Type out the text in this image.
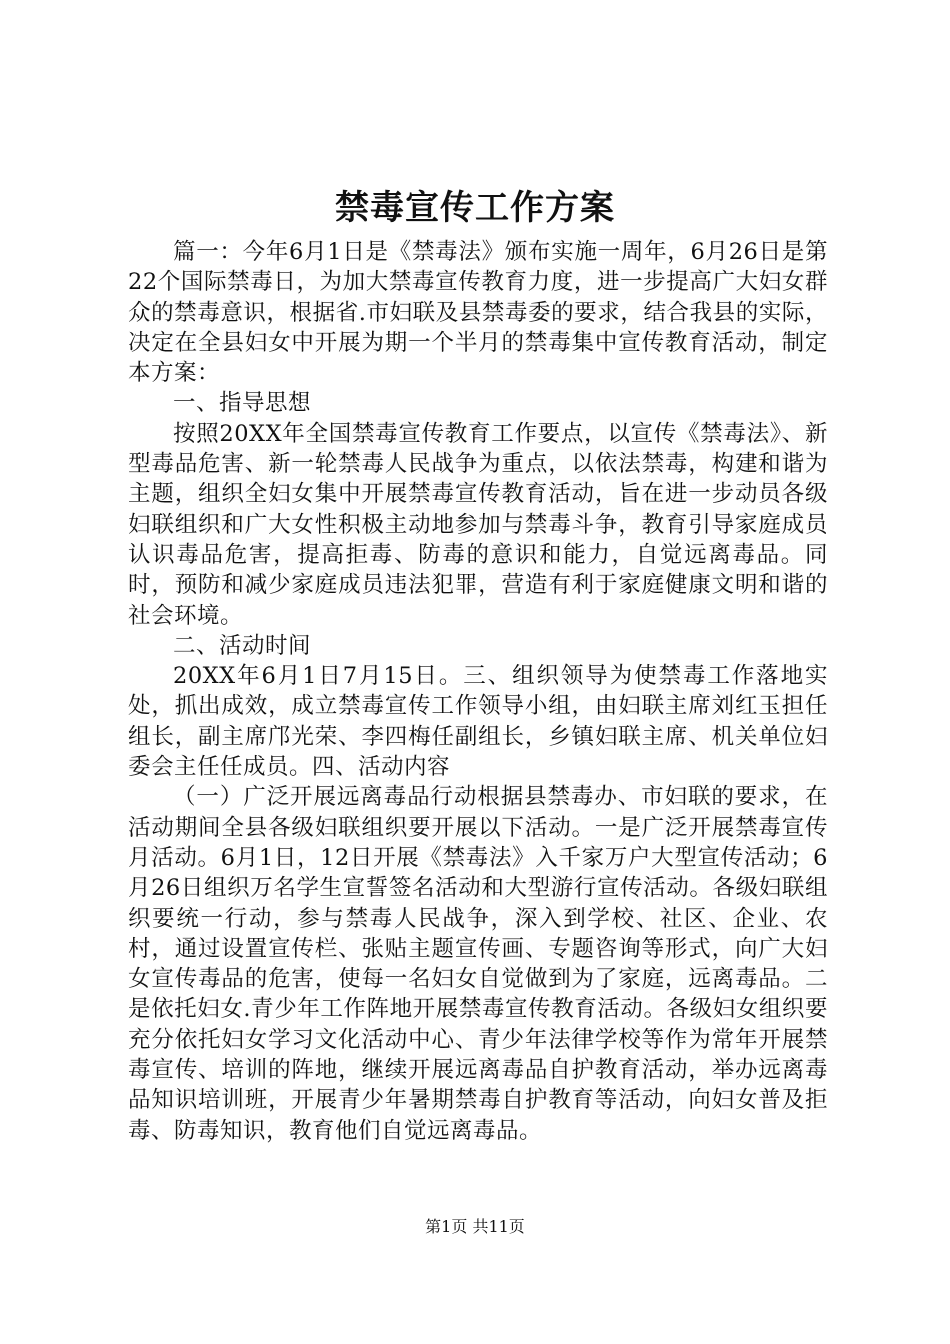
禁毒宣传工作方案

篇一：今年6月1日是《禁毒法》颁布实施一周年，6月26日是第22个国际禁毒日，为加大禁毒宣传教育力度，进一步提高广大妇女群众的禁毒意识，根据省.市妇联及县禁毒委的要求，结合我县的实际，决定在全县妇女中开展为期一个半月的禁毒集中宣传教育活动，制定本方案：

一、指导思想

按照20XX年全国禁毒宣传教育工作要点，以宣传《禁毒法》、新型毒品危害、新一轮禁毒人民战争为重点，以依法禁毒，构建和谐为主题，组织全妇女集中开展禁毒宣传教育活动，旨在进一步动员各级妇联组织和广大女性积极主动地参加与禁毒斗争，教育引导家庭成员认识毒品危害，提高拒毒、防毒的意识和能力，自觉远离毒品。同时，预防和减少家庭成员违法犯罪，营造有利于家庭健康文明和谐的社会环境。

二、活动时间

20XX年6月1日7月15日。三、组织领导为使禁毒工作落地实处，抓出成效，成立禁毒宣传工作领导小组，由妇联主席刘红玉担任组长，副主席邝光荣、李四梅任副组长，乡镇妇联主席、机关单位妇委会主任任成员。四、活动内容

（一）广泛开展远离毒品行动根据县禁毒办、市妇联的要求，在活动期间全县各级妇联组织要开展以下活动。一是广泛开展禁毒宣传月活动。6月1日，12日开展《禁毒法》入千家万户大型宣传活动；6月26日组织万名学生宣誓签名活动和大型游行宣传活动。各级妇联组织要统一行动，参与禁毒人民战争，深入到学校、社区、企业、农村，通过设置宣传栏、张贴主题宣传画、专题咨询等形式，向广大妇女宣传毒品的危害，使每一名妇女自觉做到为了家庭，远离毒品。二是依托妇女.青少年工作阵地开展禁毒宣传教育活动。各级妇女组织要充分依托妇女学习文化活动中心、青少年法律学校等作为常年开展禁毒宣传、培训的阵地，继续开展远离毒品自护教育活动，举办远离毒品知识培训班，开展青少年暑期禁毒自护教育等活动，向妇女普及拒毒、防毒知识，教育他们自觉远离毒品。

第1页 共11页
